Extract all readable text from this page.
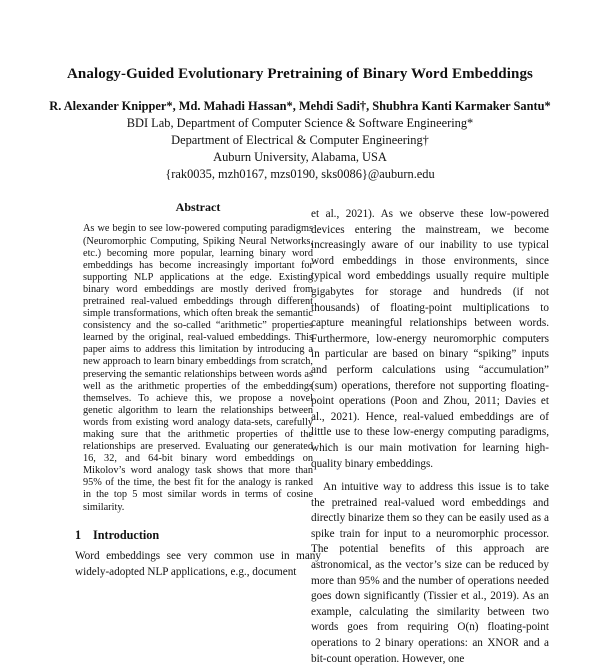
Analogy-Guided Evolutionary Pretraining of Binary Word Embeddings
R. Alexander Knipper*, Md. Mahadi Hassan*, Mehdi Sadi†, Shubhra Kanti Karmaker Santu*
BDI Lab, Department of Computer Science & Software Engineering*
Department of Electrical & Computer Engineering†
Auburn University, Alabama, USA
{rak0035, mzh0167, mzs0190, sks0086}@auburn.edu
Abstract

As we begin to see low-powered computing paradigms (Neuromorphic Computing, Spiking Neural Networks, etc.) becoming more popular, learning binary word embeddings has become increasingly important for supporting NLP applications at the edge. Existing binary word embeddings are mostly derived from pretrained real-valued embeddings through different simple transformations, which often break the semantic consistency and the so-called “arithmetic” properties learned by the original, real-valued embeddings. This paper aims to address this limitation by introducing a new approach to learn binary embeddings from scratch, preserving the semantic relationships between words as well as the arithmetic properties of the embeddings themselves. To achieve this, we propose a novel genetic algorithm to learn the relationships between words from existing word analogy data-sets, carefully making sure that the arithmetic properties of the relationships are preserved. Evaluating our generated 16, 32, and 64-bit binary word embeddings on Mikolov’s word analogy task shows that more than 95% of the time, the best fit for the analogy is ranked in the top 5 most similar words in terms of cosine similarity.

1 Introduction

Word embeddings see very common use in many widely-adopted NLP applications, e.g., document

et al., 2021). As we observe these low-powered devices entering the mainstream, we become increasingly aware of our inability to use typical word embeddings in those environments, since typical word embeddings usually require multiple gigabytes for storage and hundreds (if not thousands) of floating-point multiplications to capture meaningful relationships between words. Furthermore, low-energy neuromorphic computers in particular are based on binary “spiking” inputs and perform calculations using “accumulation” (sum) operations, therefore not supporting floating-point operations (Poon and Zhou, 2011; Davies et al., 2021). Hence, real-valued embeddings are of little use to these low-energy computing paradigms, which is our main motivation for learning high-quality binary embeddings.

An intuitive way to address this issue is to take the pretrained real-valued word embeddings and directly binarize them so they can be easily used as a spike train for input to a neuromorphic processor. The potential benefits of this approach are astronomical, as the vector’s size can be reduced by more than 95% and the number of operations needed goes down significantly (Tissier et al., 2019). As an example, calculating the similarity between two words goes from requiring O(n) floating-point operations to 2 binary operations: an XNOR and a bit-count operation. However, one
